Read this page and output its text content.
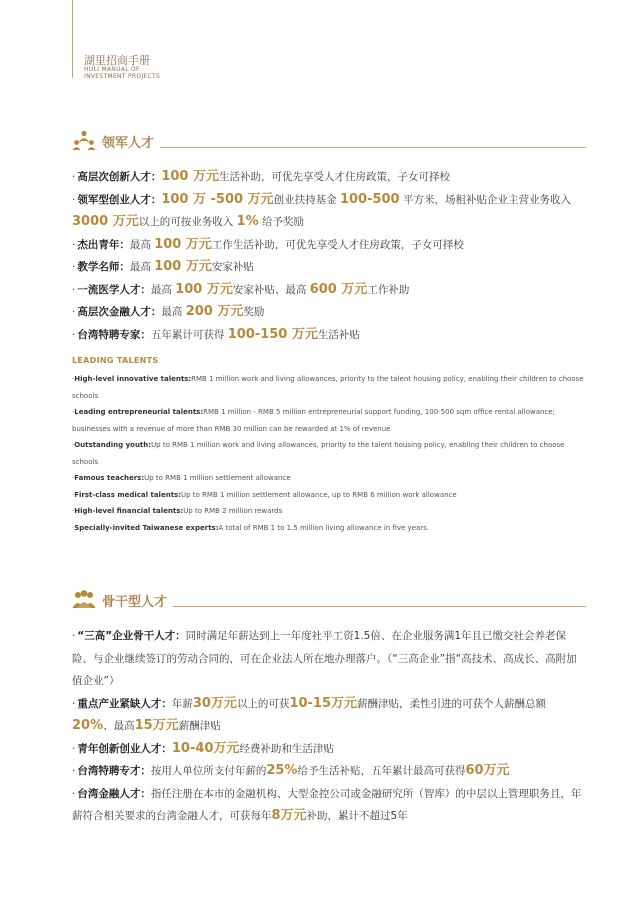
湖里招商手册
HULI MANUAL OF
INVESTMENT PROJECTS
领军人才
· 高层次创新人才：100 万元生活补助，可优先享受人才住房政策，子女可择校
· 领军型创业人才：100 万 -500 万元创业扶持基金 100-500 平方米，场租补贴企业主营业务收入 3000 万元以上的可按业务收入 1% 给予奖励
· 杰出青年：最高 100 万元工作生活补助，可优先享受人才住房政策，子女可择校
· 教学名师：最高 100 万元安家补贴
· 一流医学人才：最高 100 万元安家补贴、最高 600 万元工作补助
· 高层次金融人才：最高 200 万元奖励
· 台湾特聘专家：五年累计可获得 100-150 万元生活补贴
LEADING TALENTS
·High-level innovative talents:RMB 1 million work and living allowances, priority to the talent housing policy, enabling their children to choose schools
·Leading entrepreneurial talents:RMB 1 million - RMB 5 million entrepreneurial support funding, 100-500 sqm office rental allowance; businesses with a revenue of more than RMB 30 million can be rewarded at 1% of revenue
·Outstanding youth:Up to RMB 1 million work and living allowances, priority to the talent housing policy, enabling their children to choose schools
·Famous teachers:Up to RMB 1 million settlement allowance
·First-class medical talents:Up to RMB 1 million settlement allowance, up to RMB 6 million work allowance
·High-level financial talents:Up to RMB 2 million rewards
·Specially-invited Taiwanese experts:A total of RMB 1 to 1.5 million living allowance in five years.
骨干型人才
· “三高”企业骨干人才：同时满足年薪达到上一年度社平工资1.5倍、在企业服务满1年且已缴交社会养老保险、与企业继续签订的劳动合同的，可在企业法人所在地办理落户。（“三高企业”指“高技术、高成长、高附加值企业”）
· 重点产业紧缺人才：年薪30万元以上的可获10-15万元薪酬津贴，柔性引进的可获个人薪酬总额20%、最高15万元薪酬津贴
· 青年创新创业人才：10-40万元经费补助和生活津贴
· 台湾特聘专才：按用人单位所支付年薪的25%给予生活补贴，五年累计最高可获得60万元
· 台湾金融人才：指任注册在本市的金融机构、大型金控公司或金融研究所（智库）的中层以上管理职务且，年薪符合相关要求的台湾金融人才，可获每年8万元补助，累计不超过5年
